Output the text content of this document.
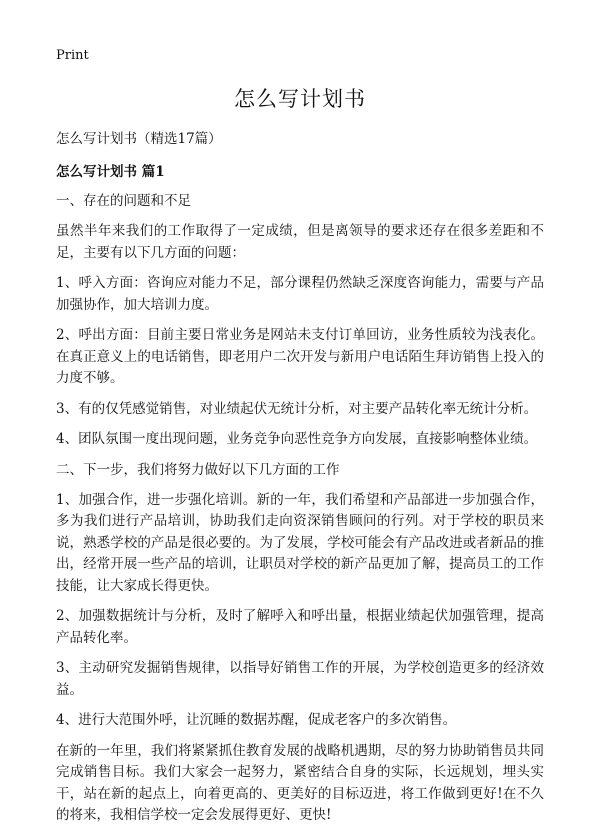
Print
怎么写计划书
怎么写计划书（精选17篇）
怎么写计划书 篇1

一、存在的问题和不足

虽然半年来我们的工作取得了一定成绩，但是离领导的要求还存在很多差距和不足，主要有以下几方面的问题：

1、呼入方面：咨询应对能力不足，部分课程仍然缺乏深度咨询能力，需要与产品加强协作，加大培训力度。

2、呼出方面：目前主要日常业务是网站未支付订单回访，业务性质较为浅表化。在真正意义上的电话销售，即老用户二次开发与新用户电话陌生拜访销售上投入的力度不够。

3、有的仅凭感觉销售，对业绩起伏无统计分析，对主要产品转化率无统计分析。

4、团队氛围一度出现问题，业务竞争向恶性竞争方向发展，直接影响整体业绩。

二、下一步，我们将努力做好以下几方面的工作

1、加强合作，进一步强化培训。新的一年，我们希望和产品部进一步加强合作，多为我们进行产品培训，协助我们走向资深销售顾问的行列。对于学校的职员来说，熟悉学校的产品是很必要的。为了发展，学校可能会有产品改进或者新品的推出，经常开展一些产品的培训，让职员对学校的新产品更加了解，提高员工的工作技能，让大家成长得更快。

2、加强数据统计与分析，及时了解呼入和呼出量，根据业绩起伏加强管理，提高产品转化率。

3、主动研究发掘销售规律，以指导好销售工作的开展，为学校创造更多的经济效益。

4、进行大范围外呼，让沉睡的数据苏醒，促成老客户的多次销售。

在新的一年里，我们将紧紧抓住教育发展的战略机遇期，尽的努力协助销售员共同完成销售目标。我们大家会一起努力，紧密结合自身的实际，长远规划，埋头实干，站在新的起点上，向着更高的、更美好的目标迈进，将工作做到更好!在不久的将来，我相信学校一定会发展得更好、更快!
